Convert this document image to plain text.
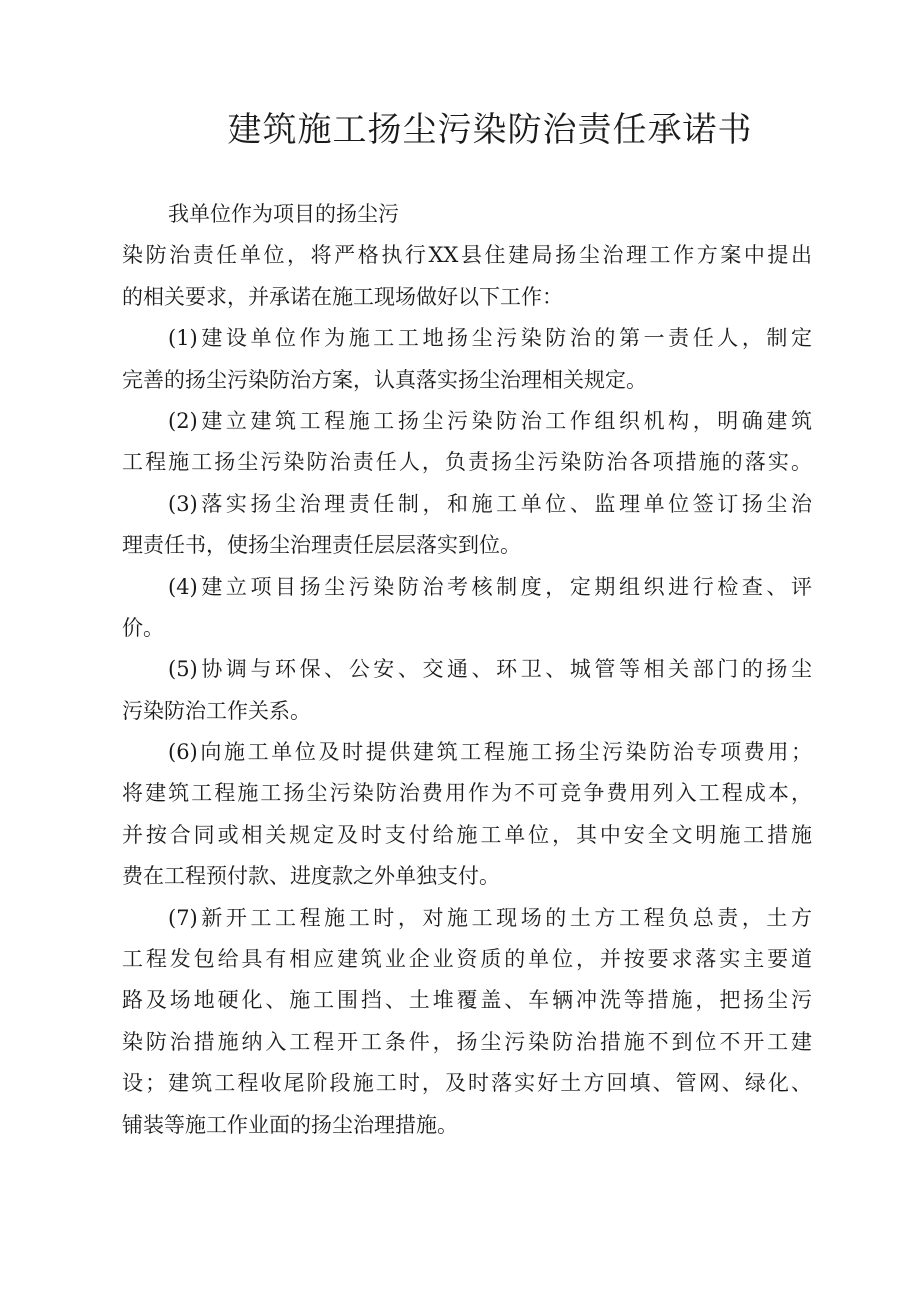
建筑施工扬尘污染防治责任承诺书
我单位作为项目的扬尘污
染防治责任单位，将严格执行XX县住建局扬尘治理工作方案中提出
的相关要求，并承诺在施工现场做好以下工作：
(1)建设单位作为施工工地扬尘污染防治的第一责任人，制定
完善的扬尘污染防治方案，认真落实扬尘治理相关规定。
(2)建立建筑工程施工扬尘污染防治工作组织机构，明确建筑
工程施工扬尘污染防治责任人，负责扬尘污染防治各项措施的落实。
(3)落实扬尘治理责任制，和施工单位、监理单位签订扬尘治
理责任书，使扬尘治理责任层层落实到位。
(4)建立项目扬尘污染防治考核制度，定期组织进行检查、评
价。
(5)协调与环保、公安、交通、环卫、城管等相关部门的扬尘
污染防治工作关系。
(6)向施工单位及时提供建筑工程施工扬尘污染防治专项费用；
将建筑工程施工扬尘污染防治费用作为不可竞争费用列入工程成本，
并按合同或相关规定及时支付给施工单位，其中安全文明施工措施
费在工程预付款、进度款之外单独支付。
(7)新开工工程施工时，对施工现场的土方工程负总责，土方
工程发包给具有相应建筑业企业资质的单位，并按要求落实主要道
路及场地硬化、施工围挡、土堆覆盖、车辆冲洗等措施，把扬尘污
染防治措施纳入工程开工条件，扬尘污染防治措施不到位不开工建
设；建筑工程收尾阶段施工时，及时落实好土方回填、管网、绿化、
铺装等施工作业面的扬尘治理措施。
